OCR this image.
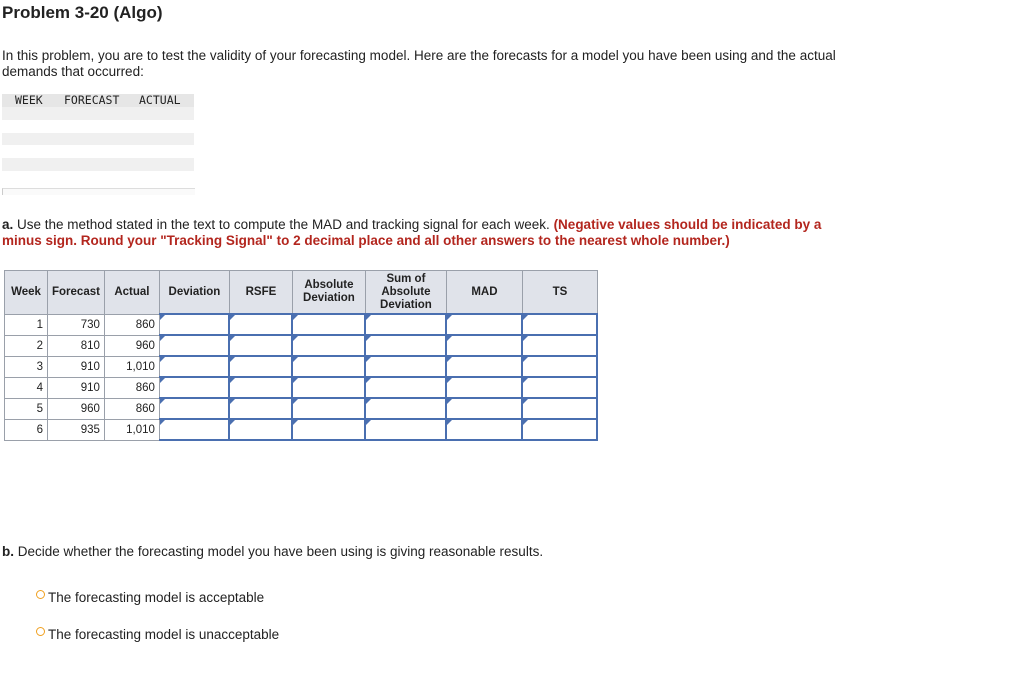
Problem 3-20 (Algo)
In this problem, you are to test the validity of your forecasting model. Here are the forecasts for a model you have been using and the actual demands that occurred:
WEEK FORECAST ACTUAL
a. Use the method stated in the text to compute the MAD and tracking signal for each week. (Negative values should be indicated by a minus sign. Round your "Tracking Signal" to 2 decimal place and all other answers to the nearest whole number.)
Week	Forecast	Actual	Deviation	RSFE	Absolute Deviation	Sum of Absolute Deviation	MAD	TS
1	730	860	

2	810	960	

3	910	1,010	

4	910	860	

5	960	860	

6	935	1,010	

b. Decide whether the forecasting model you have been using is giving reasonable results.
The forecasting model is acceptable
The forecasting model is unacceptable
